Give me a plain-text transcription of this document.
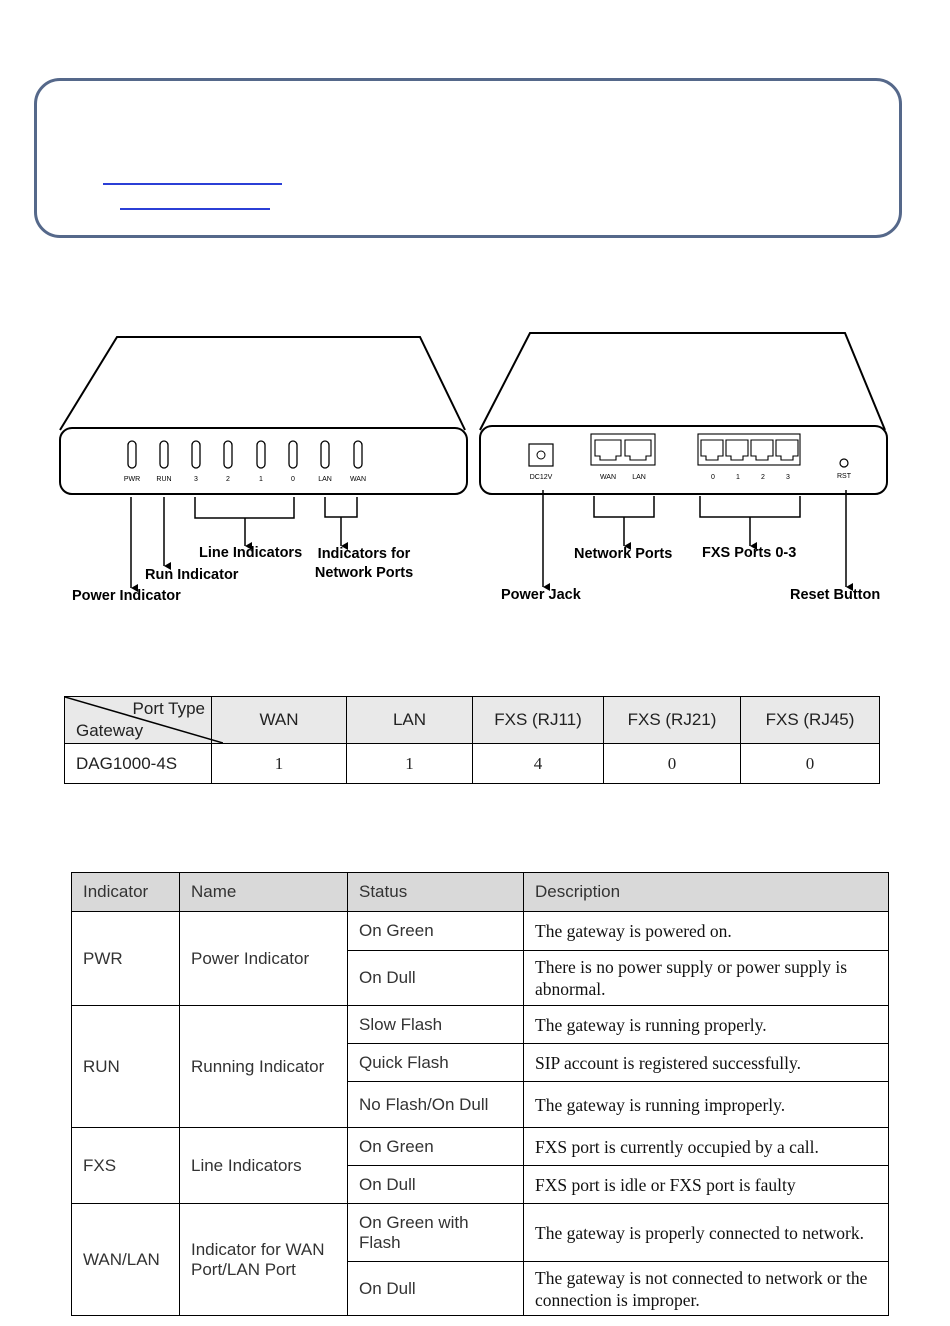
PWR RUN	3	2	1	0	LAN	WAN	DC12V	WAN LAN	0	1	2	3	RST
Line Indicators	Indicators for
Network Ports
Run Indicator
Power Indicator
Network Ports FXS Ports 0-3
Power Jack	Reset Button
Port Type
Gateway	WAN	LAN	FXS (RJ11)	FXS (RJ21)	FXS (RJ45)
DAG1000-4S	1	1	4	0	0
Indicator	Name	Status	Description
PWR	Power Indicator	On Green	The gateway is powered on.
		On Dull	There is no power supply or power supply is abnormal.
RUN	Running Indicator	Slow Flash	The gateway is running properly.
		Quick Flash	SIP account is registered successfully.
		No Flash/On Dull	The gateway is running improperly.
FXS	Line Indicators	On Green	FXS port is currently occupied by a call.
		On Dull	FXS port is idle or FXS port is faulty
WAN/LAN	Indicator for WAN Port/LAN Port	On Green with Flash	The gateway is properly connected to network.
		On Dull	The gateway is not connected to network or the connection is improper.
